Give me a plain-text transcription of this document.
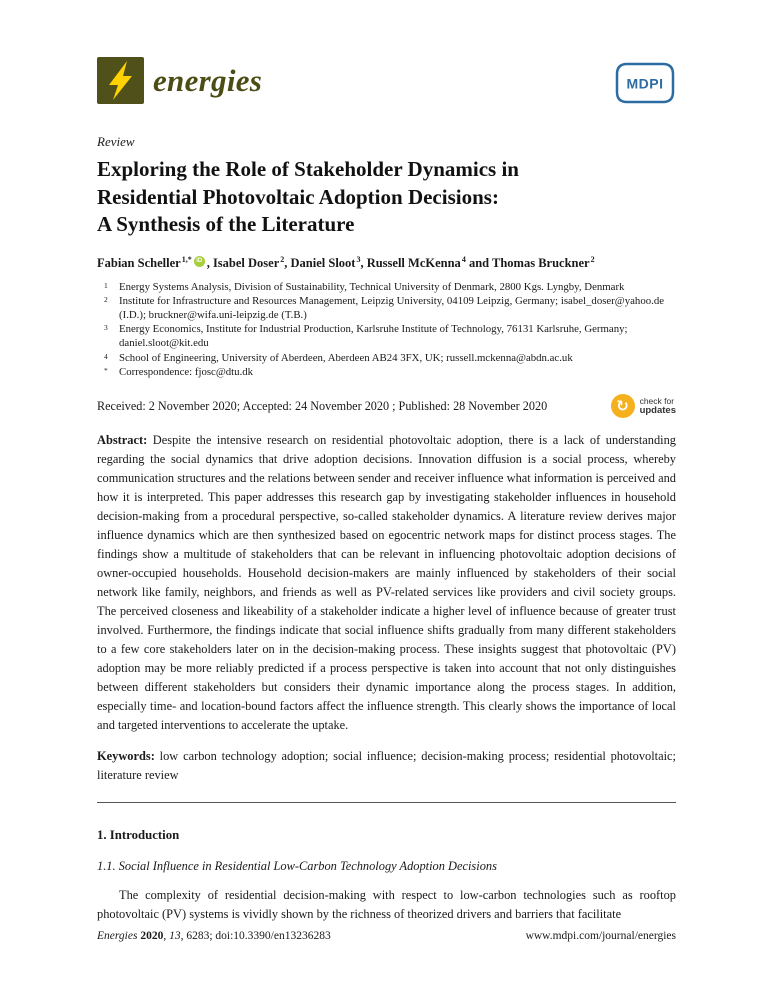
energies	MDPI

Review

Exploring the Role of Stakeholder Dynamics in
Residential Photovoltaic Adoption Decisions:
A Synthesis of the Literature

Fabian Scheller$^{1,*}$ iD , Isabel Doser$^2$, Daniel Sloot$^3$, Russell McKenna$^4$ and Thomas Bruckner$^2$

1	Energy Systems Analysis, Division of Sustainability, Technical University of Denmark, 2800 Kgs. Lyngby, Denmark
2	Institute for Infrastructure and Resources Management, Leipzig University, 04109 Leipzig, Germany; isabel_doser@yahoo.de (I.D.); bruckner@wifa.uni-leipzig.de (T.B.)
3	Energy Economics, Institute for Industrial Production, Karlsruhe Institute of Technology, 76131 Karlsruhe, Germany; daniel.sloot@kit.edu
4	School of Engineering, University of Aberdeen, Aberdeen AB24 3FX, UK; russell.mckenna@abdn.ac.uk
*	Correspondence: fjosc@dtu.dk
Received: 2 November 2020; Accepted: 24 November 2020 ; Published: 28 November 2020	↻	check for
updates

Abstract: Despite the intensive research on residential photovoltaic adoption, there is a lack of understanding regarding the social dynamics that drive adoption decisions. Innovation diffusion is a social process, whereby communication structures and the relations between sender and receiver influence what information is perceived and how it is interpreted. This paper addresses this research gap by investigating stakeholder influences in household decision-making from a procedural perspective, so-called stakeholder dynamics. A literature review derives major influence dynamics which are then synthesized based on egocentric network maps for distinct process stages. The findings show a multitude of stakeholders that can be relevant in influencing photovoltaic adoption decisions of owner-occupied households. Household decision-makers are mainly influenced by stakeholders of their social network like family, neighbors, and friends as well as PV-related services like providers and civil society groups. The perceived closeness and likeability of a stakeholder indicate a higher level of influence because of greater trust involved. Furthermore, the findings indicate that social influence shifts gradually from many different stakeholders to a few core stakeholders later on in the decision-making process. These insights suggest that photovoltaic (PV) adoption may be more reliably predicted if a process perspective is taken into account that not only distinguishes between different stakeholders but considers their dynamic importance along the process stages. In addition, especially time- and location-bound factors affect the influence strength. This clearly shows the importance of local and targeted interventions to accelerate the uptake.

Keywords: low carbon technology adoption; social influence; decision-making process; residential photovoltaic; literature review

1. Introduction
1.1. Social Influence in Residential Low-Carbon Technology Adoption Decisions

The complexity of residential decision-making with respect to low-carbon technologies such as rooftop photovoltaic (PV) systems is vividly shown by the richness of theorized drivers and barriers that facilitate

Energies 2020, 13, 6283; doi:10.3390/en13236283	www.mdpi.com/journal/energies
